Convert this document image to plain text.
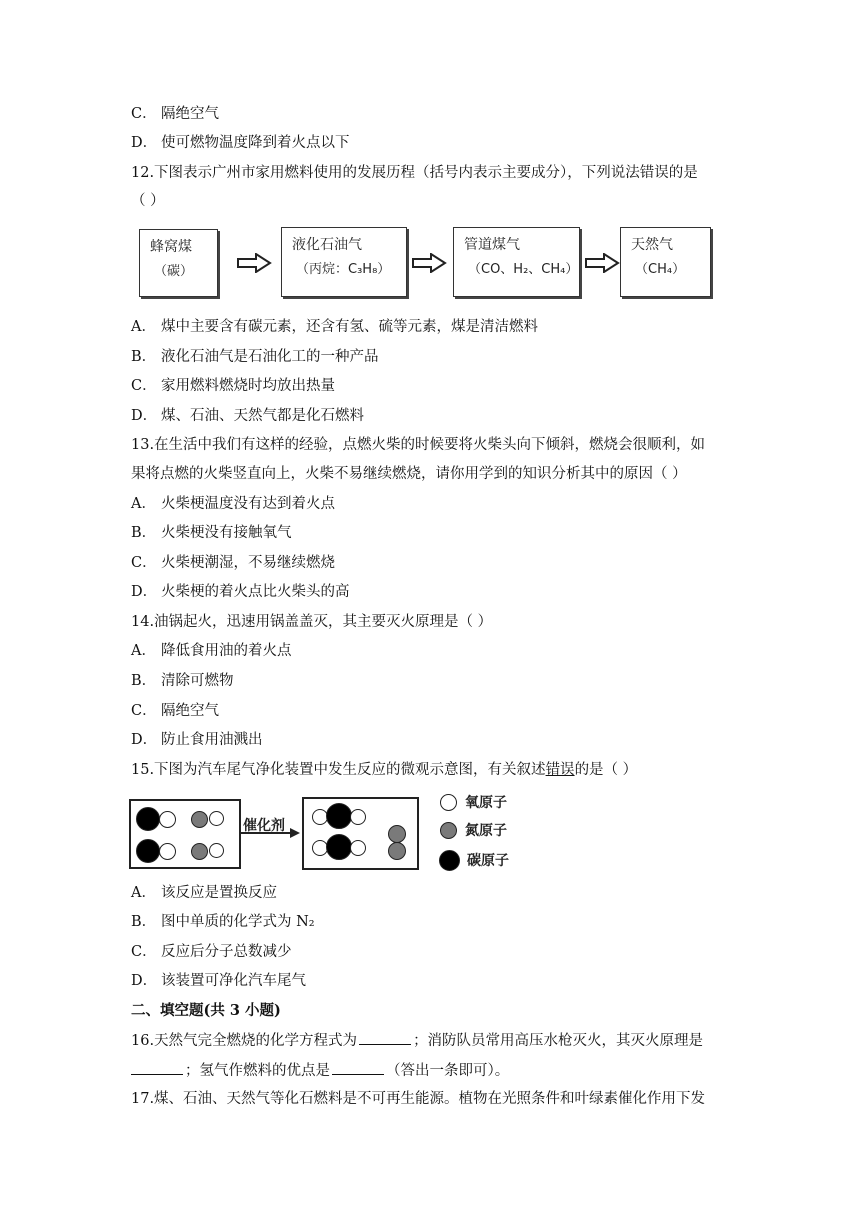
C． 隔绝空气
D． 使可燃物温度降到着火点以下
12.下图表示广州市家用燃料使用的发展历程（括号内表示主要成分），下列说法错误的是
（ ）
蜂窝煤
（碳）
液化石油气
（丙烷：C₃H₈）
管道煤气
（CO、H₂、CH₄）
天然气
（CH₄）
A． 煤中主要含有碳元素，还含有氢、硫等元素，煤是清洁燃料
B． 液化石油气是石油化工的一种产品
C． 家用燃料燃烧时均放出热量
D． 煤、石油、天然气都是化石燃料
13.在生活中我们有这样的经验，点燃火柴的时候要将火柴头向下倾斜，燃烧会很顺利，如
果将点燃的火柴竖直向上，火柴不易继续燃烧，请你用学到的知识分析其中的原因（ ）
A． 火柴梗温度没有达到着火点
B． 火柴梗没有接触氧气
C． 火柴梗潮湿，不易继续燃烧
D． 火柴梗的着火点比火柴头的高
14.油锅起火，迅速用锅盖盖灭，其主要灭火原理是（ ）
A． 降低食用油的着火点
B． 清除可燃物
C． 隔绝空气
D． 防止食用油溅出
15.下图为汽车尾气净化装置中发生反应的微观示意图，有关叙述错误的是（ ）
催化剂
氧原子
氮原子
碳原子
A． 该反应是置换反应
B． 图中单质的化学式为 N₂
C． 反应后分子总数减少
D． 该装置可净化汽车尾气
二、填空题(共 3 小题)
16.天然气完全燃烧的化学方程式为	；消防队员常用高压水枪灭火，其灭火原理是
；氢气作燃料的优点是	（答出一条即可）。
17.煤、石油、天然气等化石燃料是不可再生能源。植物在光照条件和叶绿素催化作用下发
